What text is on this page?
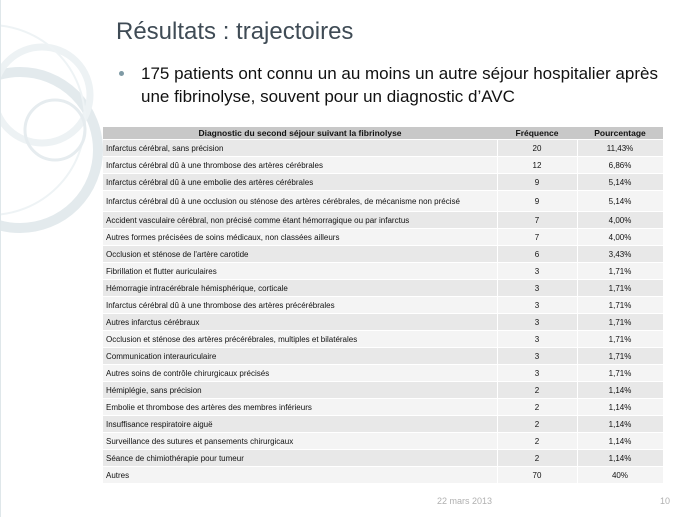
Résultats : trajectoires
175 patients ont connu un au moins un autre séjour hospitalier après une fibrinolyse, souvent pour un diagnostic d’AVC
Diagnostic du second séjour suivant la fibrinolyse	Fréquence	Pourcentage
Infarctus cérébral, sans précision	20	11,43%
Infarctus cérébral dû à une thrombose des artères cérébrales	12	6,86%
Infarctus cérébral dû à une embolie des artères cérébrales	9	5,14%
Infarctus cérébral dû à une occlusion ou sténose des artères cérébrales, de mécanisme non précisé	9	5,14%
Accident vasculaire cérébral, non précisé comme étant hémorragique ou par infarctus	7	4,00%
Autres formes précisées de soins médicaux, non classées ailleurs	7	4,00%
Occlusion et sténose de l'artère carotide	6	3,43%
Fibrillation et flutter auriculaires	3	1,71%
Hémorragie intracérébrale hémisphérique, corticale	3	1,71%
Infarctus cérébral dû à une thrombose des artères précérébrales	3	1,71%
Autres infarctus cérébraux	3	1,71%
Occlusion et sténose des artères précérébrales, multiples et bilatérales	3	1,71%
Communication interauriculaire	3	1,71%
Autres soins de contrôle chirurgicaux précisés	3	1,71%
Hémiplégie, sans précision	2	1,14%
Embolie et thrombose des artères des membres inférieurs	2	1,14%
Insuffisance respiratoire aiguë	2	1,14%
Surveillance des sutures et pansements chirurgicaux	2	1,14%
Séance de chimiothérapie pour tumeur	2	1,14%
Autres	70	40%
22 mars 2013	10
